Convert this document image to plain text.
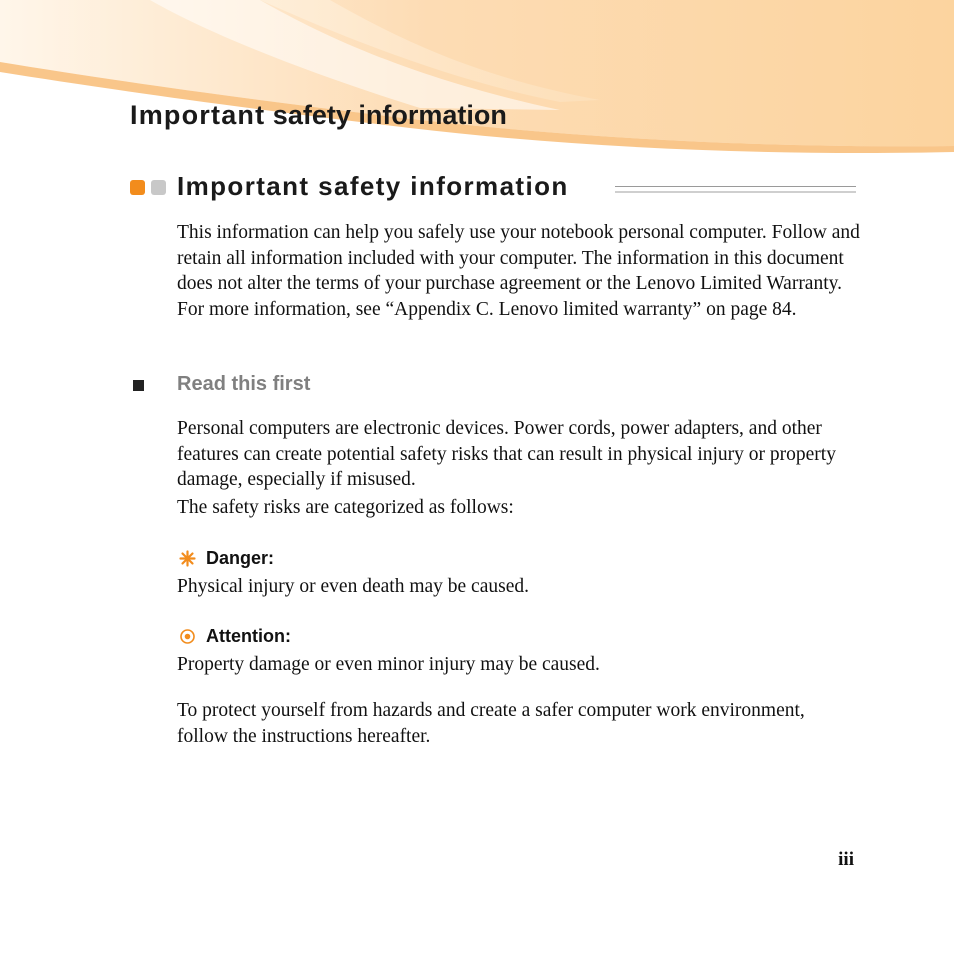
Important safety information
Important safety information

This information can help you safely use your notebook personal computer. Follow and retain all information included with your computer. The information in this document does not alter the terms of your purchase agreement or the Lenovo Limited Warranty. For more information, see “Appendix C. Lenovo limited warranty” on page 84.

Read this first

Personal computers are electronic devices. Power cords, power adapters, and other features can create potential safety risks that can result in physical injury or property damage, especially if misused.

The safety risks are categorized as follows:

Danger:

Physical injury or even death may be caused.

Attention:

Property damage or even minor injury may be caused.

To protect yourself from hazards and create a safer computer work environment, follow the instructions hereafter.

iii
